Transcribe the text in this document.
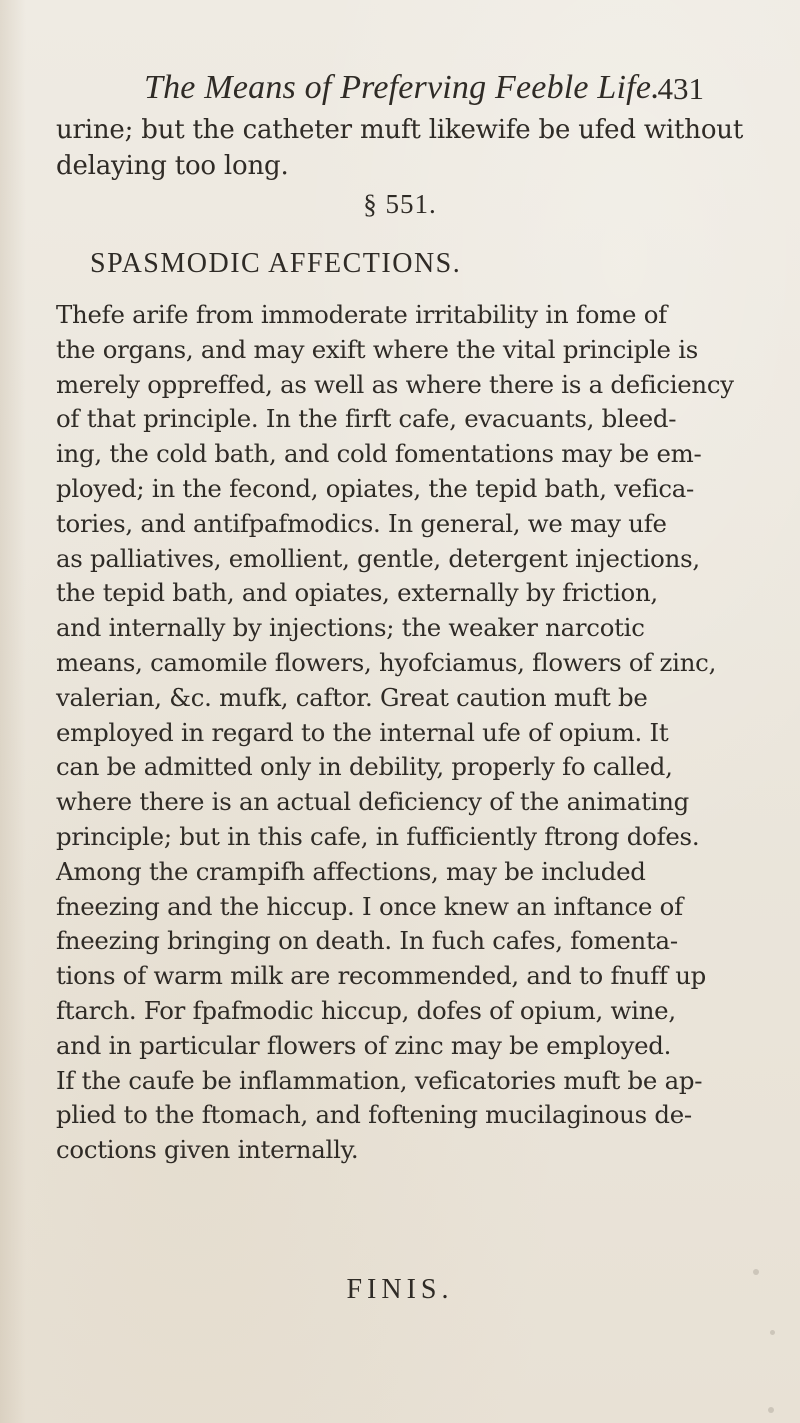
The Means of Preferving Feeble Life.
431
urine; but the catheter muft likewife be ufed without
delaying too long.
§ 551.
SPASMODIC AFFECTIONS.

Thefe arife from immoderate irritability in fome of
the organs, and may exift where the vital principle is
merely oppreffed, as well as where there is a deficiency
of that principle. In the firft cafe, evacuants, bleed-
ing, the cold bath, and cold fomentations may be em-
ployed; in the fecond, opiates, the tepid bath, vefica-
tories, and antifpafmodics. In general, we may ufe
as palliatives, emollient, gentle, detergent injections,
the tepid bath, and opiates, externally by friction,
and internally by injections; the weaker narcotic
means, camomile flowers, hyofciamus, flowers of zinc,
valerian, &c. mufk, caftor. Great caution muft be
employed in regard to the internal ufe of opium. It
can be admitted only in debility, properly fo called,
where there is an actual deficiency of the animating
principle; but in this cafe, in fufficiently ftrong dofes.

Among the crampifh affections, may be included
fneezing and the hiccup. I once knew an inftance of
fneezing bringing on death. In fuch cafes, fomenta-
tions of warm milk are recommended, and to fnuff up
ftarch. For fpafmodic hiccup, dofes of opium, wine,
and in particular flowers of zinc may be employed.
If the caufe be inflammation, veficatories muft be ap-
plied to the ftomach, and foftening mucilaginous de-
coctions given internally.

FINIS.
